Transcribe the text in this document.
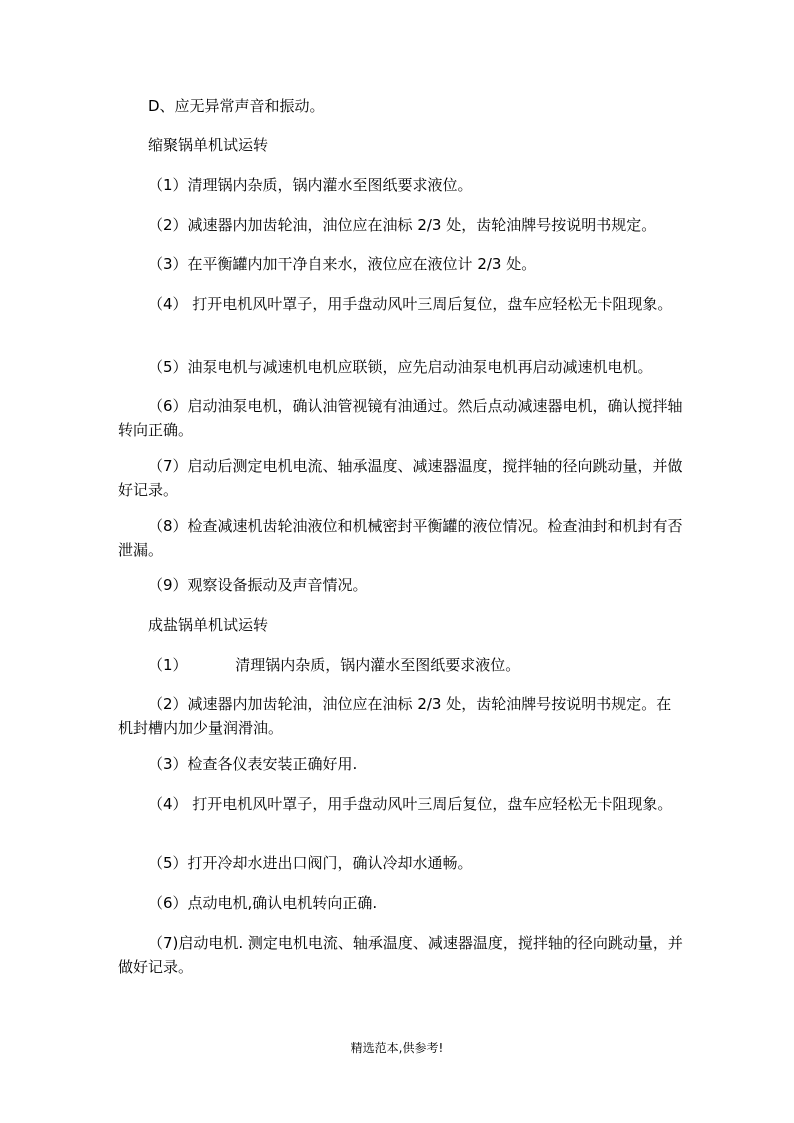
D、应无异常声音和振动。

缩聚锅单机试运转

（1）清理锅内杂质，锅内灌水至图纸要求液位。

（2）减速器内加齿轮油，油位应在油标 2/3 处，齿轮油牌号按说明书规定。

（3）在平衡罐内加干净自来水，液位应在液位计 2/3 处。

（4） 打开电机风叶罩子，用手盘动风叶三周后复位，盘车应轻松无卡阻现象。

（5）油泵电机与减速机电机应联锁，应先启动油泵电机再启动减速机电机。

（6）启动油泵电机，确认油管视镜有油通过。然后点动减速器电机，确认搅拌轴转向正确。

（7）启动后测定电机电流、轴承温度、减速器温度，搅拌轴的径向跳动量，并做好记录。

（8）检查减速机齿轮油液位和机械密封平衡罐的液位情况。检查油封和机封有否泄漏。

（9）观察设备振动及声音情况。

成盐锅单机试运转

（1）          清理锅内杂质，锅内灌水至图纸要求液位。

（2）减速器内加齿轮油，油位应在油标 2/3 处，齿轮油牌号按说明书规定。在机封槽内加少量润滑油。

（3）检查各仪表安装正确好用.

（4） 打开电机风叶罩子，用手盘动风叶三周后复位，盘车应轻松无卡阻现象。

（5）打开冷却水进出口阀门，确认冷却水通畅。

（6）点动电机,确认电机转向正确.

（7)启动电机. 测定电机电流、轴承温度、减速器温度，搅拌轴的径向跳动量，并做好记录。

精选范本,供参考!
